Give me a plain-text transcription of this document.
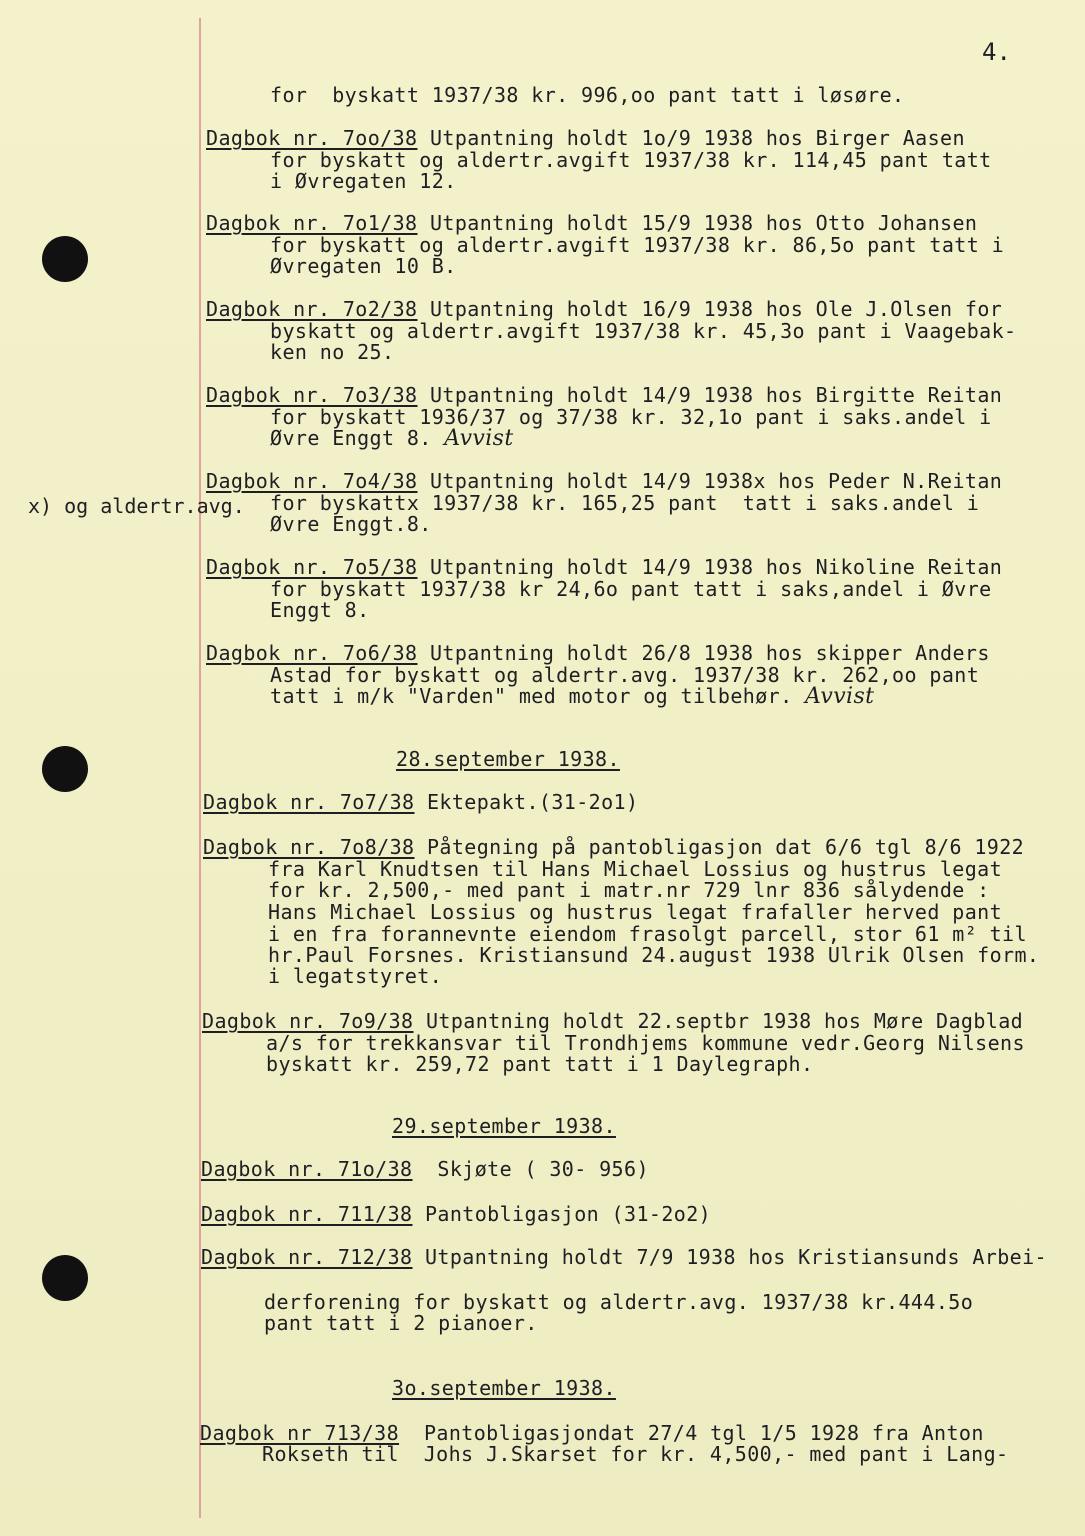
4.
x) og aldertr.avg.
for  byskatt 1937/38 kr. 996,oo pant tatt i løsøre.
Dagbok nr. 7oo/38 Utpantning holdt 1o/9 1938 hos Birger Aasen
for byskatt og aldertr.avgift 1937/38 kr. 114,45 pant tatt
i Øvregaten 12.
Dagbok nr. 7o1/38 Utpantning holdt 15/9 1938 hos Otto Johansen
for byskatt og aldertr.avgift 1937/38 kr. 86,5o pant tatt i
Øvregaten 10 B.
Dagbok nr. 7o2/38 Utpantning holdt 16/9 1938 hos Ole J.Olsen for
byskatt og aldertr.avgift 1937/38 kr. 45,3o pant i Vaagebak-
ken no 25.
Dagbok nr. 7o3/38 Utpantning holdt 14/9 1938 hos Birgitte Reitan
for byskatt 1936/37 og 37/38 kr. 32,1o pant i saks.andel i
Øvre Enggt 8. Avvist
Dagbok nr. 7o4/38 Utpantning holdt 14/9 1938x hos Peder N.Reitan
for byskattx 1937/38 kr. 165,25 pant  tatt i saks.andel i
Øvre Enggt.8.
Dagbok nr. 7o5/38 Utpantning holdt 14/9 1938 hos Nikoline Reitan
for byskatt 1937/38 kr 24,6o pant tatt i saks,andel i Øvre
Enggt 8.
Dagbok nr. 7o6/38 Utpantning holdt 26/8 1938 hos skipper Anders
Astad for byskatt og aldertr.avg. 1937/38 kr. 262,oo pant
tatt i m/k "Varden" med motor og tilbehør. Avvist
28.september 1938.
Dagbok nr. 7o7/38 Ektepakt.(31-2o1)
Dagbok nr. 7o8/38 Påtegning på pantobligasjon dat 6/6 tgl 8/6 1922
fra Karl Knudtsen til Hans Michael Lossius og hustrus legat
for kr. 2,500,- med pant i matr.nr 729 lnr 836 sålydende :
Hans Michael Lossius og hustrus legat frafaller herved pant
i en fra forannevnte eiendom frasolgt parcell, stor 61 m² til
hr.Paul Forsnes. Kristiansund 24.august 1938 Ulrik Olsen form.
i legatstyret.
Dagbok nr. 7o9/38 Utpantning holdt 22.septbr 1938 hos Møre Dagblad
a/s for trekkansvar til Trondhjems kommune vedr.Georg Nilsens
byskatt kr. 259,72 pant tatt i 1 Daylegraph.
29.september 1938.
Dagbok nr. 71o/38  Skjøte ( 30- 956)
Dagbok nr. 711/38 Pantobligasjon (31-2o2)
Dagbok nr. 712/38 Utpantning holdt 7/9 1938 hos Kristiansunds Arbei-
derforening for byskatt og aldertr.avg. 1937/38 kr.444.5o
pant tatt i 2 pianoer.
3o.september 1938.
Dagbok nr 713/38  Pantobligasjondat 27/4 tgl 1/5 1928 fra Anton
Rokseth til  Johs J.Skarset for kr. 4,500,- med pant i Lang-
